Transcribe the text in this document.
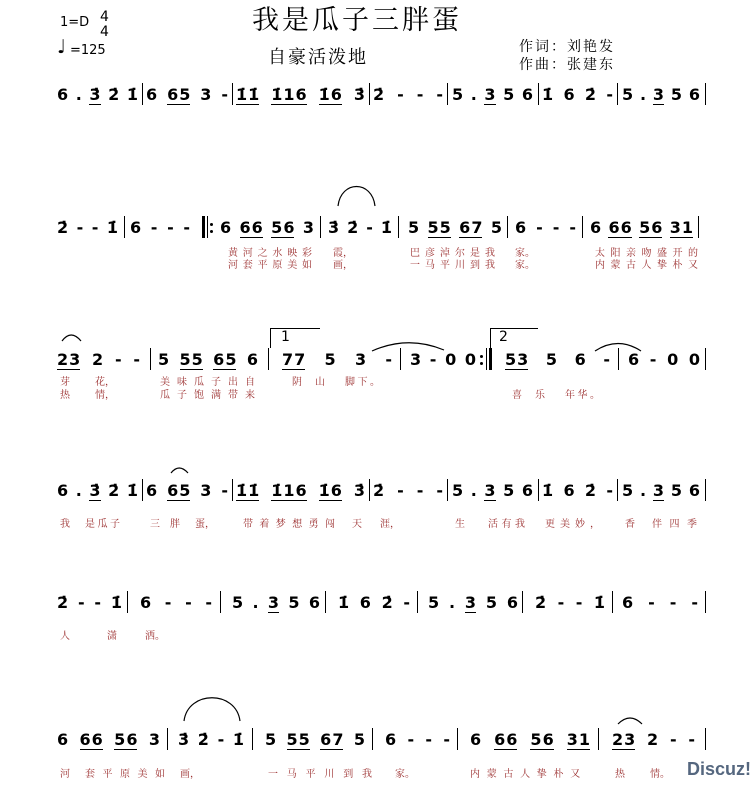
1=D 4
4
♩ =125
我是瓜子三胖蛋
自豪活泼地	作词：刘艳发
作曲：张建东
6 . 3̇ 2̇ 1̇ 6 6 5 3 - 1̇ 1̇ 1̇ 1 6 1̇ 6 3̇ 2̇ - - - 5 . 3 5 6 1̇ 6 2̇ - 5 . 3 5 6
2̇ - - 1̇ 6 - - - 6 6 6 5 6 3 3̇ 2̇ - 1̇ 5 5 5 6 7 5 6 - - - 6 6 6 5 6 3 1
黄河之水映彩 霞，	巴彦淖尔是我 家。	太阳亲吻盛开的
河套平原美如 画，	一马平川到我 家。	内蒙古人挚朴又
2 3 2 - - 5 5 5 6 5 6 7 7 5 3 - 3 - 0 0 5 3 5 6 - 6 - 0 0
芽	花，	美味瓜子出自	阴山 脚下。
热	情，	瓜子饱满带来	喜乐 年华。
6 . 3̇ 2̇ 1̇ 6 6 5 3 - 1̇ 1̇ 1̇ 1 6 1̇ 6 3̇ 2̇ - - - 5 . 3 5 6 1̇ 6 2̇ - 5 . 3 5 6
我 是瓜子	三胖 蛋，	带着梦想勇闯 天 涯，	生 活有我 更美妙， 香 伴四季
2̇ - - 1̇ 6 - - - 5 . 3 5 6 1̇ 6 2̇ - 5 . 3 5 6 2̇ - - 1̇ 6 - - -
人	潇	洒。
6 6 6 5 6 3 3̇ 2̇ - 1̇ 5 5 5 6 7 5 6 - - - 6 6 6 5 6 3 1 2 3 2 - -
河 套平原美如 画，	一马平川到我 家。	内蒙古人挚朴又	热	情。
1	2
Discuz!
